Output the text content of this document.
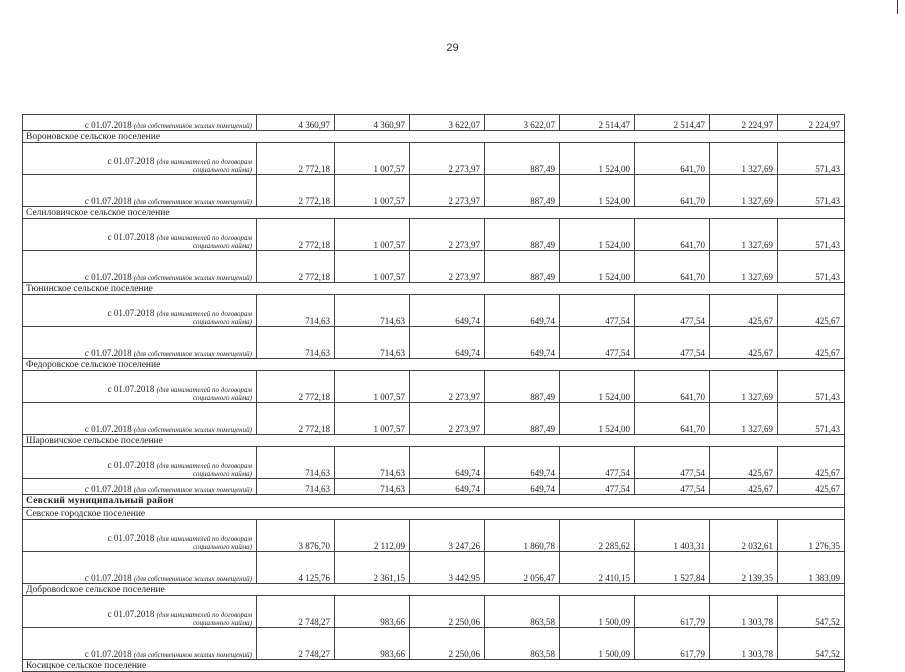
29
с 01.07.2018 (для собственников жилых помещений)	4 360,97	4 360,97	3 622,07	3 622,07	2 514,47	2 514,47	2 224,97	2 224,97
Вороновское сельское поселение								

с 01.07.2018 (для нанимателей по договорам
социального найма)	2 772,18	1 007,57	2 273,97	887,49	1 524,00	641,70	1 327,69	571,43

с 01.07.2018 (для собственников жилых помещений)	2 772,18	1 007,57	2 273,97	887,49	1 524,00	641,70	1 327,69	571,43
Селиловичское сельское поселение								

с 01.07.2018 (для нанимателей по договорам
социального найма)	2 772,18	1 007,57	2 273,97	887,49	1 524,00	641,70	1 327,69	571,43

с 01.07.2018 (для собственников жилых помещений)	2 772,18	1 007,57	2 273,97	887,49	1 524,00	641,70	1 327,69	571,43
Тюнинское сельское поселение								

с 01.07.2018 (для нанимателей по договорам
социального найма)	714,63	714,63	649,74	649,74	477,54	477,54	425,67	425,67

с 01.07.2018 (для собственников жилых помещений)	714,63	714,63	649,74	649,74	477,54	477,54	425,67	425,67
Федоровское сельское поселение								

с 01.07.2018 (для нанимателей по договорам
социального найма)	2 772,18	1 007,57	2 273,97	887,49	1 524,00	641,70	1 327,69	571,43

с 01.07.2018 (для собственников жилых помещений)	2 772,18	1 007,57	2 273,97	887,49	1 524,00	641,70	1 327,69	571,43
Шаровичское сельское поселение								

с 01.07.2018 (для нанимателей по договорам
социального найма)	714,63	714,63	649,74	649,74	477,54	477,54	425,67	425,67

с 01.07.2018 (для собственников жилых помещений)	714,63	714,63	649,74	649,74	477,54	477,54	425,67	425,67
Севский муниципальный район								
Севское городское поселение								

с 01.07.2018 (для нанимателей по договорам
социального найма)	3 876,70	2 112,09	3 247,26	1 860,78	2 285,62	1 403,31	2 032,61	1 276,35

с 01.07.2018 (для собственников жилых помещений)	4 125,76	2 361,15	3 442,95	2 056,47	2 410,15	1 527,84	2 139,35	1 383,09
Добровodское сельское поселение								

с 01.07.2018 (для нанимателей по договорам
социального найма)	2 748,27	983,66	2 250,06	863,58	1 500,09	617,79	1 303,78	547,52

с 01.07.2018 (для собственников жилых помещений)	2 748,27	983,66	2 250,06	863,58	1 500,09	617,79	1 303,78	547,52
Косицкое сельское поселение								
